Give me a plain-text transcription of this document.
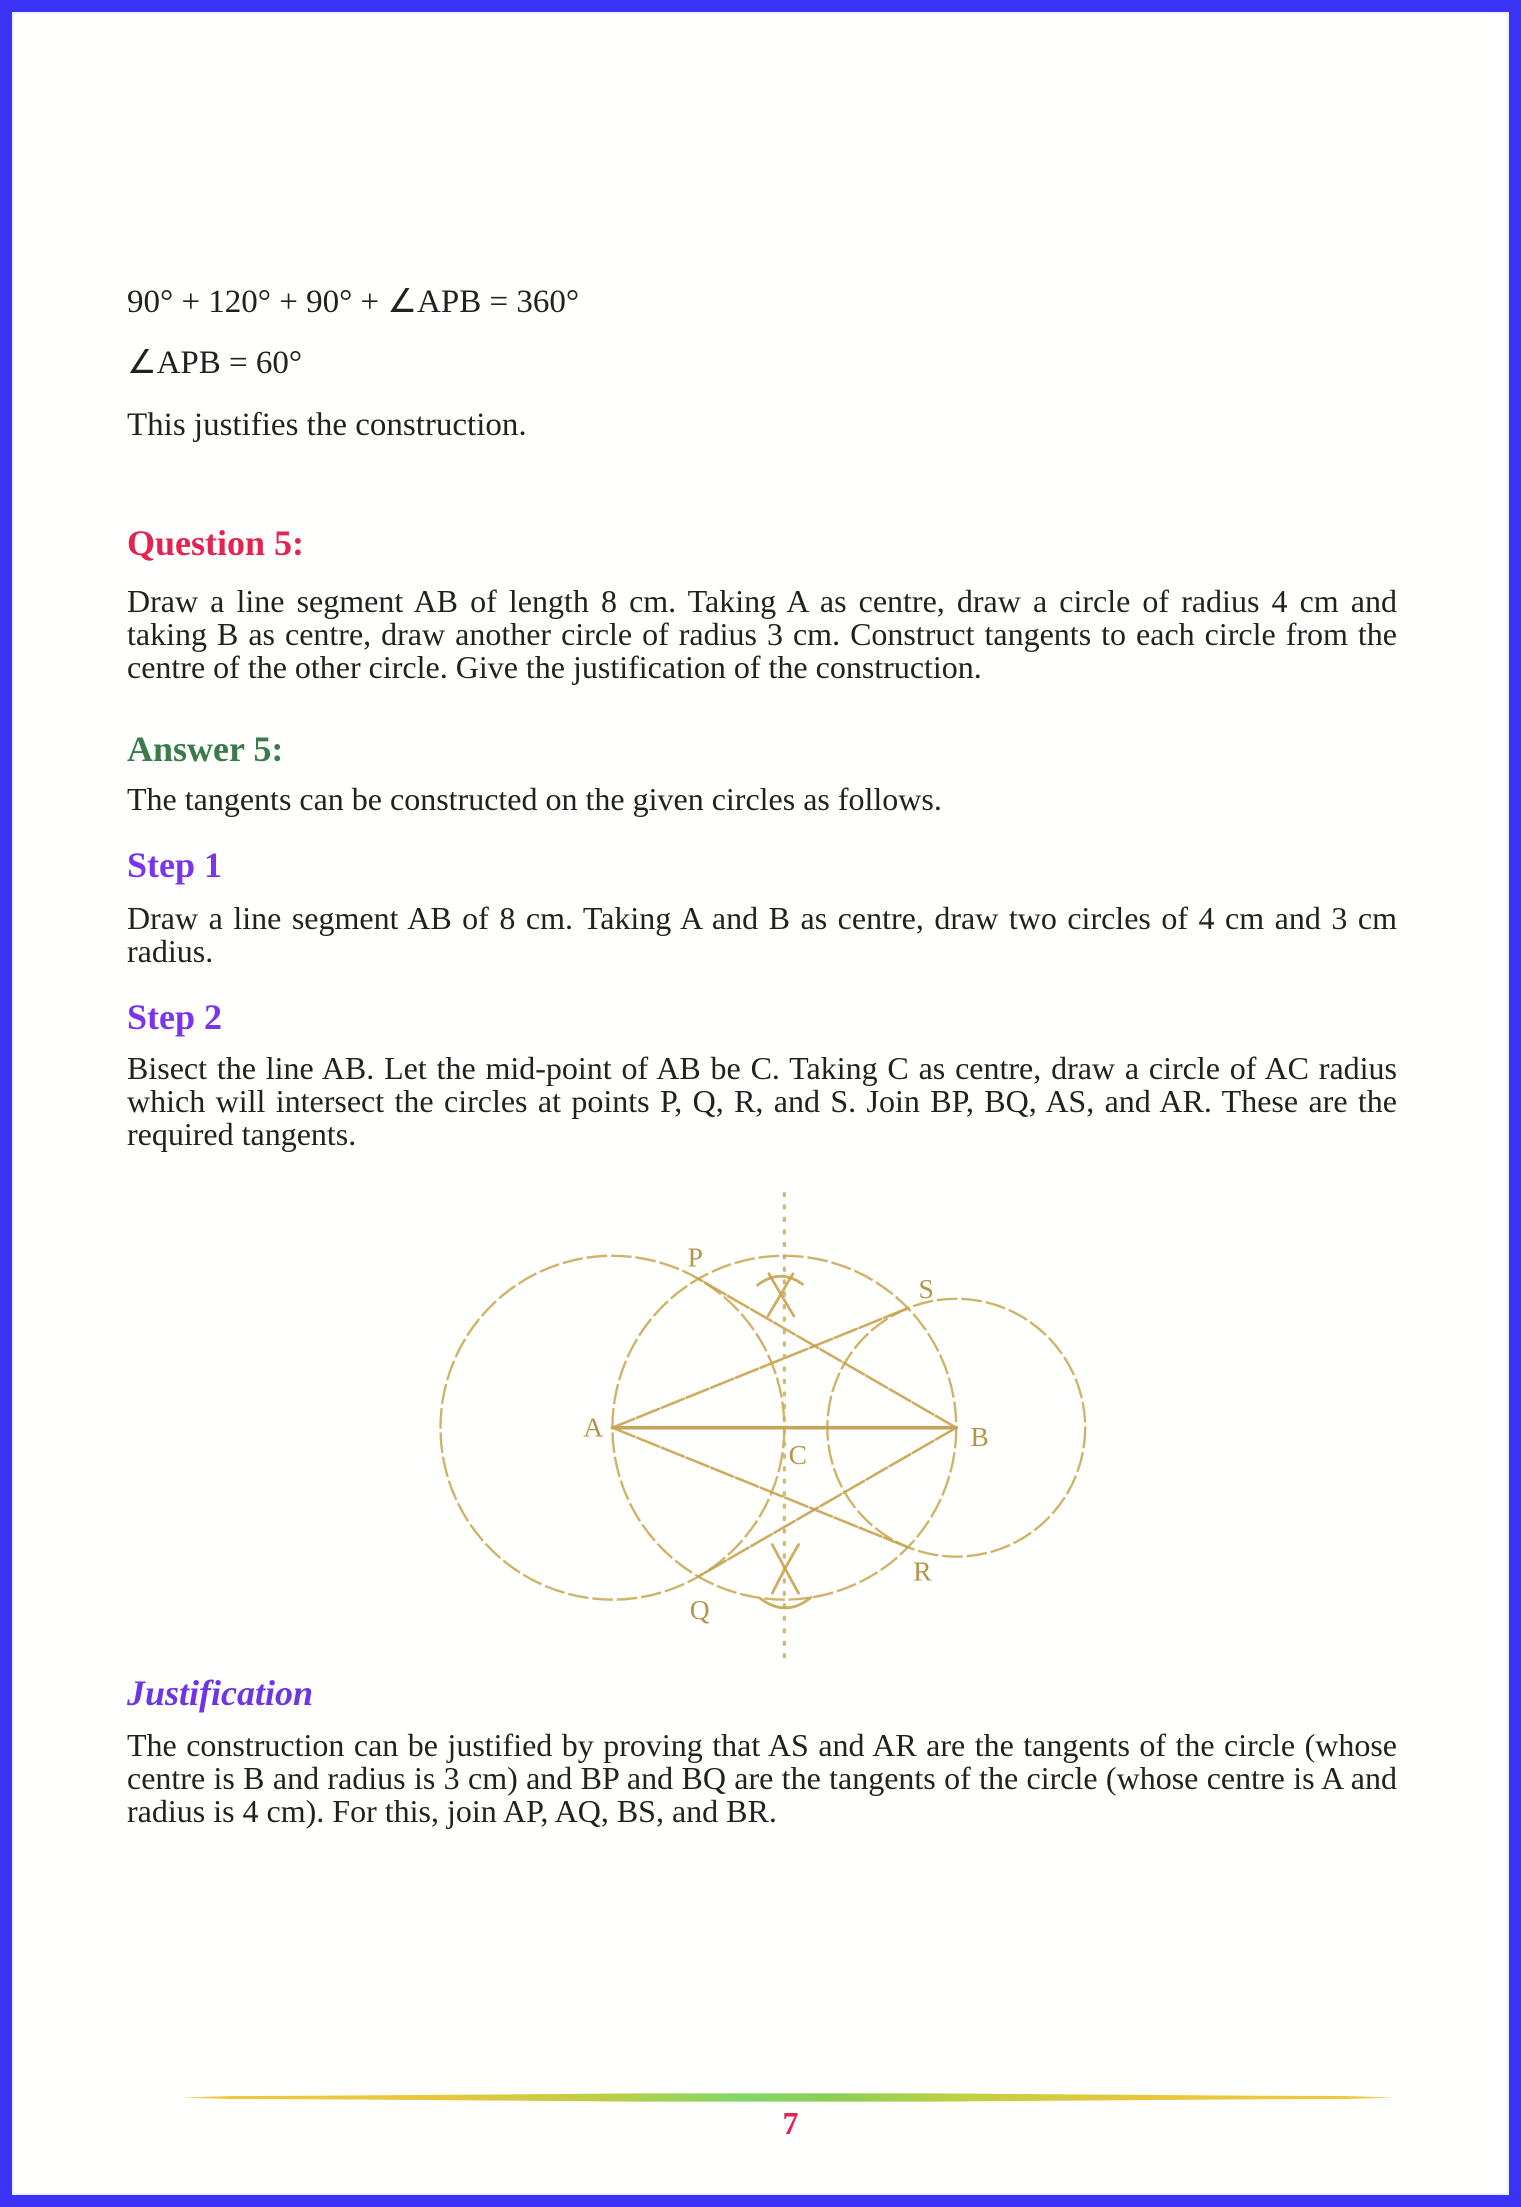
90° + 120° + 90° + ∠APB = 360°

∠APB = 60°

This justifies the construction.

Question 5:

Draw a line segment AB of length 8 cm. Taking A as centre, draw a circle of radius 4 cm and taking B as centre, draw another circle of radius 3 cm. Construct tangents to each circle from the centre of the other circle. Give the justification of the construction.

Answer 5:

The tangents can be constructed on the given circles as follows.

Step 1

Draw a line segment AB of 8 cm. Taking A and B as centre, draw two circles of 4 cm and 3 cm radius.

Step 2

Bisect the line AB. Let the mid-point of AB be C. Taking C as centre, draw a circle of AC radius which will intersect the circles at points P, Q, R, and S. Join BP, BQ, AS, and AR. These are the required tangents.

Justification

The construction can be justified by proving that AS and AR are the tangents of the circle (whose centre is B and radius is 3 cm) and BP and BQ are the tangents of the circle (whose centre is A and radius is 4 cm). For this, join AP, AQ, BS, and BR.

7
